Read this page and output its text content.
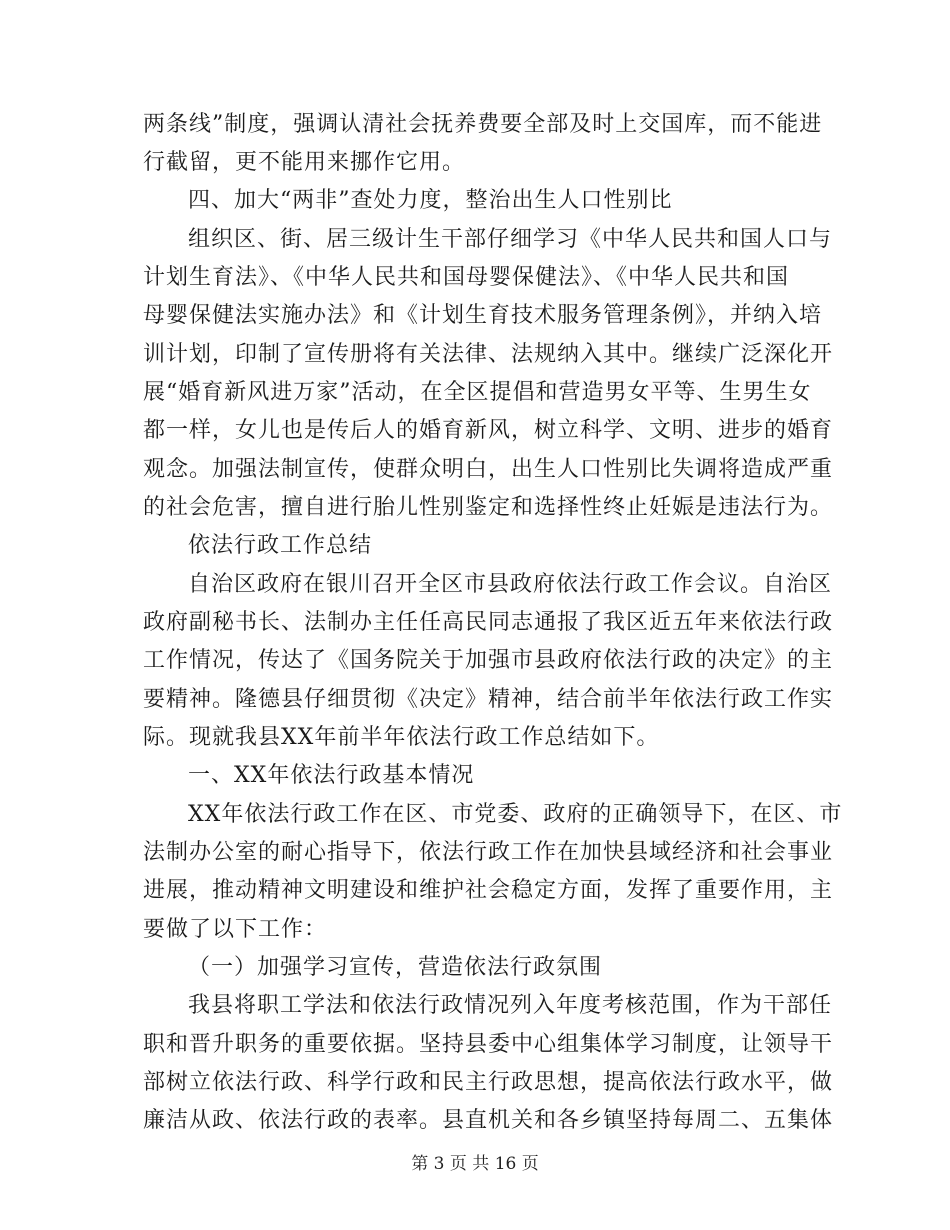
两条线”制度，强调认清社会抚养费要全部及时上交国库，而不能进
行截留，更不能用来挪作它用。
四、加大“两非”查处力度，整治出生人口性别比
组织区、街、居三级计生干部仔细学习《中华人民共和国人口与
计划生育法》、《中华人民共和国母婴保健法》、《中华人民共和国
母婴保健法实施办法》和《计划生育技术服务管理条例》，并纳入培
训计划，印制了宣传册将有关法律、法规纳入其中。继续广泛深化开
展“婚育新风进万家”活动，在全区提倡和营造男女平等、生男生女
都一样，女儿也是传后人的婚育新风，树立科学、文明、进步的婚育
观念。加强法制宣传，使群众明白，出生人口性别比失调将造成严重
的社会危害，擅自进行胎儿性别鉴定和选择性终止妊娠是违法行为。
依法行政工作总结
自治区政府在银川召开全区市县政府依法行政工作会议。自治区
政府副秘书长、法制办主任任高民同志通报了我区近五年来依法行政
工作情况，传达了《国务院关于加强市县政府依法行政的决定》的主
要精神。隆德县仔细贯彻《决定》精神，结合前半年依法行政工作实
际。现就我县XX年前半年依法行政工作总结如下。
一、XX年依法行政基本情况
XX年依法行政工作在区、市党委、政府的正确领导下，在区、市
法制办公室的耐心指导下，依法行政工作在加快县域经济和社会事业
进展，推动精神文明建设和维护社会稳定方面，发挥了重要作用，主
要做了以下工作：
（一）加强学习宣传，营造依法行政氛围
我县将职工学法和依法行政情况列入年度考核范围，作为干部任
职和晋升职务的重要依据。坚持县委中心组集体学习制度，让领导干
部树立依法行政、科学行政和民主行政思想，提高依法行政水平，做
廉洁从政、依法行政的表率。县直机关和各乡镇坚持每周二、五集体
第 3 页 共 16 页
